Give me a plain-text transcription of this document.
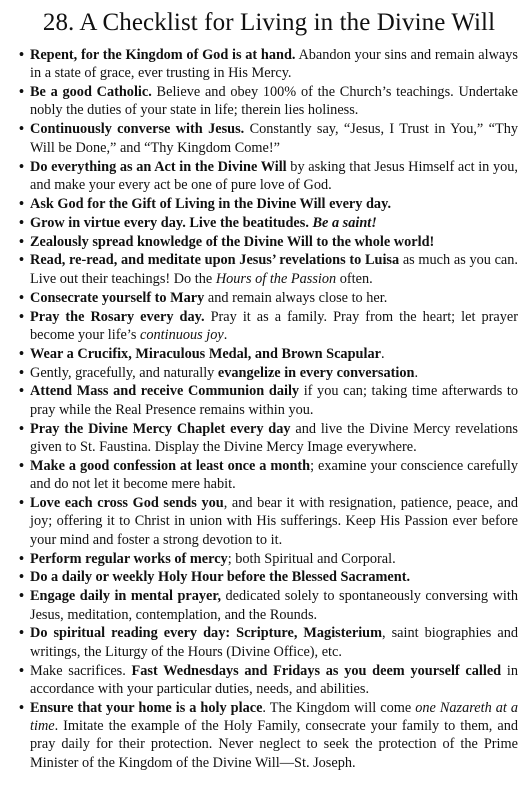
28. A Checklist for Living in the Divine Will
• Repent, for the Kingdom of God is at hand. Abandon your sins and remain always in a state of grace, ever trusting in His Mercy.
• Be a good Catholic. Believe and obey 100% of the Church’s teachings. Undertake nobly the duties of your state in life; therein lies holiness.
• Continuously converse with Jesus. Constantly say, “Jesus, I Trust in You,” “Thy Will be Done,” and “Thy Kingdom Come!”
• Do everything as an Act in the Divine Will by asking that Jesus Himself act in you, and make your every act be one of pure love of God.
• Ask God for the Gift of Living in the Divine Will every day.
• Grow in virtue every day. Live the beatitudes. Be a saint!
• Zealously spread knowledge of the Divine Will to the whole world!
• Read, re-read, and meditate upon Jesus’ revelations to Luisa as much as you can. Live out their teachings! Do the Hours of the Passion often.
• Consecrate yourself to Mary and remain always close to her.
• Pray the Rosary every day. Pray it as a family. Pray from the heart; let prayer become your life’s continuous joy.
• Wear a Crucifix, Miraculous Medal, and Brown Scapular.
• Gently, gracefully, and naturally evangelize in every conversation.
• Attend Mass and receive Communion daily if you can; taking time afterwards to pray while the Real Presence remains within you.
• Pray the Divine Mercy Chaplet every day and live the Divine Mercy revelations given to St. Faustina. Display the Divine Mercy Image everywhere.
• Make a good confession at least once a month; examine your conscience carefully and do not let it become mere habit.
• Love each cross God sends you, and bear it with resignation, patience, peace, and joy; offering it to Christ in union with His sufferings. Keep His Passion ever before your mind and foster a strong devotion to it.
• Perform regular works of mercy; both Spiritual and Corporal.
• Do a daily or weekly Holy Hour before the Blessed Sacrament.
• Engage daily in mental prayer, dedicated solely to spontaneously conversing with Jesus, meditation, contemplation, and the Rounds.
• Do spiritual reading every day: Scripture, Magisterium, saint biographies and writings, the Liturgy of the Hours (Divine Office), etc.
• Make sacrifices. Fast Wednesdays and Fridays as you deem yourself called in accordance with your particular duties, needs, and abilities.
• Ensure that your home is a holy place. The Kingdom will come one Nazareth at a time. Imitate the example of the Holy Family, consecrate your family to them, and pray daily for their protection. Never neglect to seek the protection of the Prime Minister of the Kingdom of the Divine Will—St. Joseph.
